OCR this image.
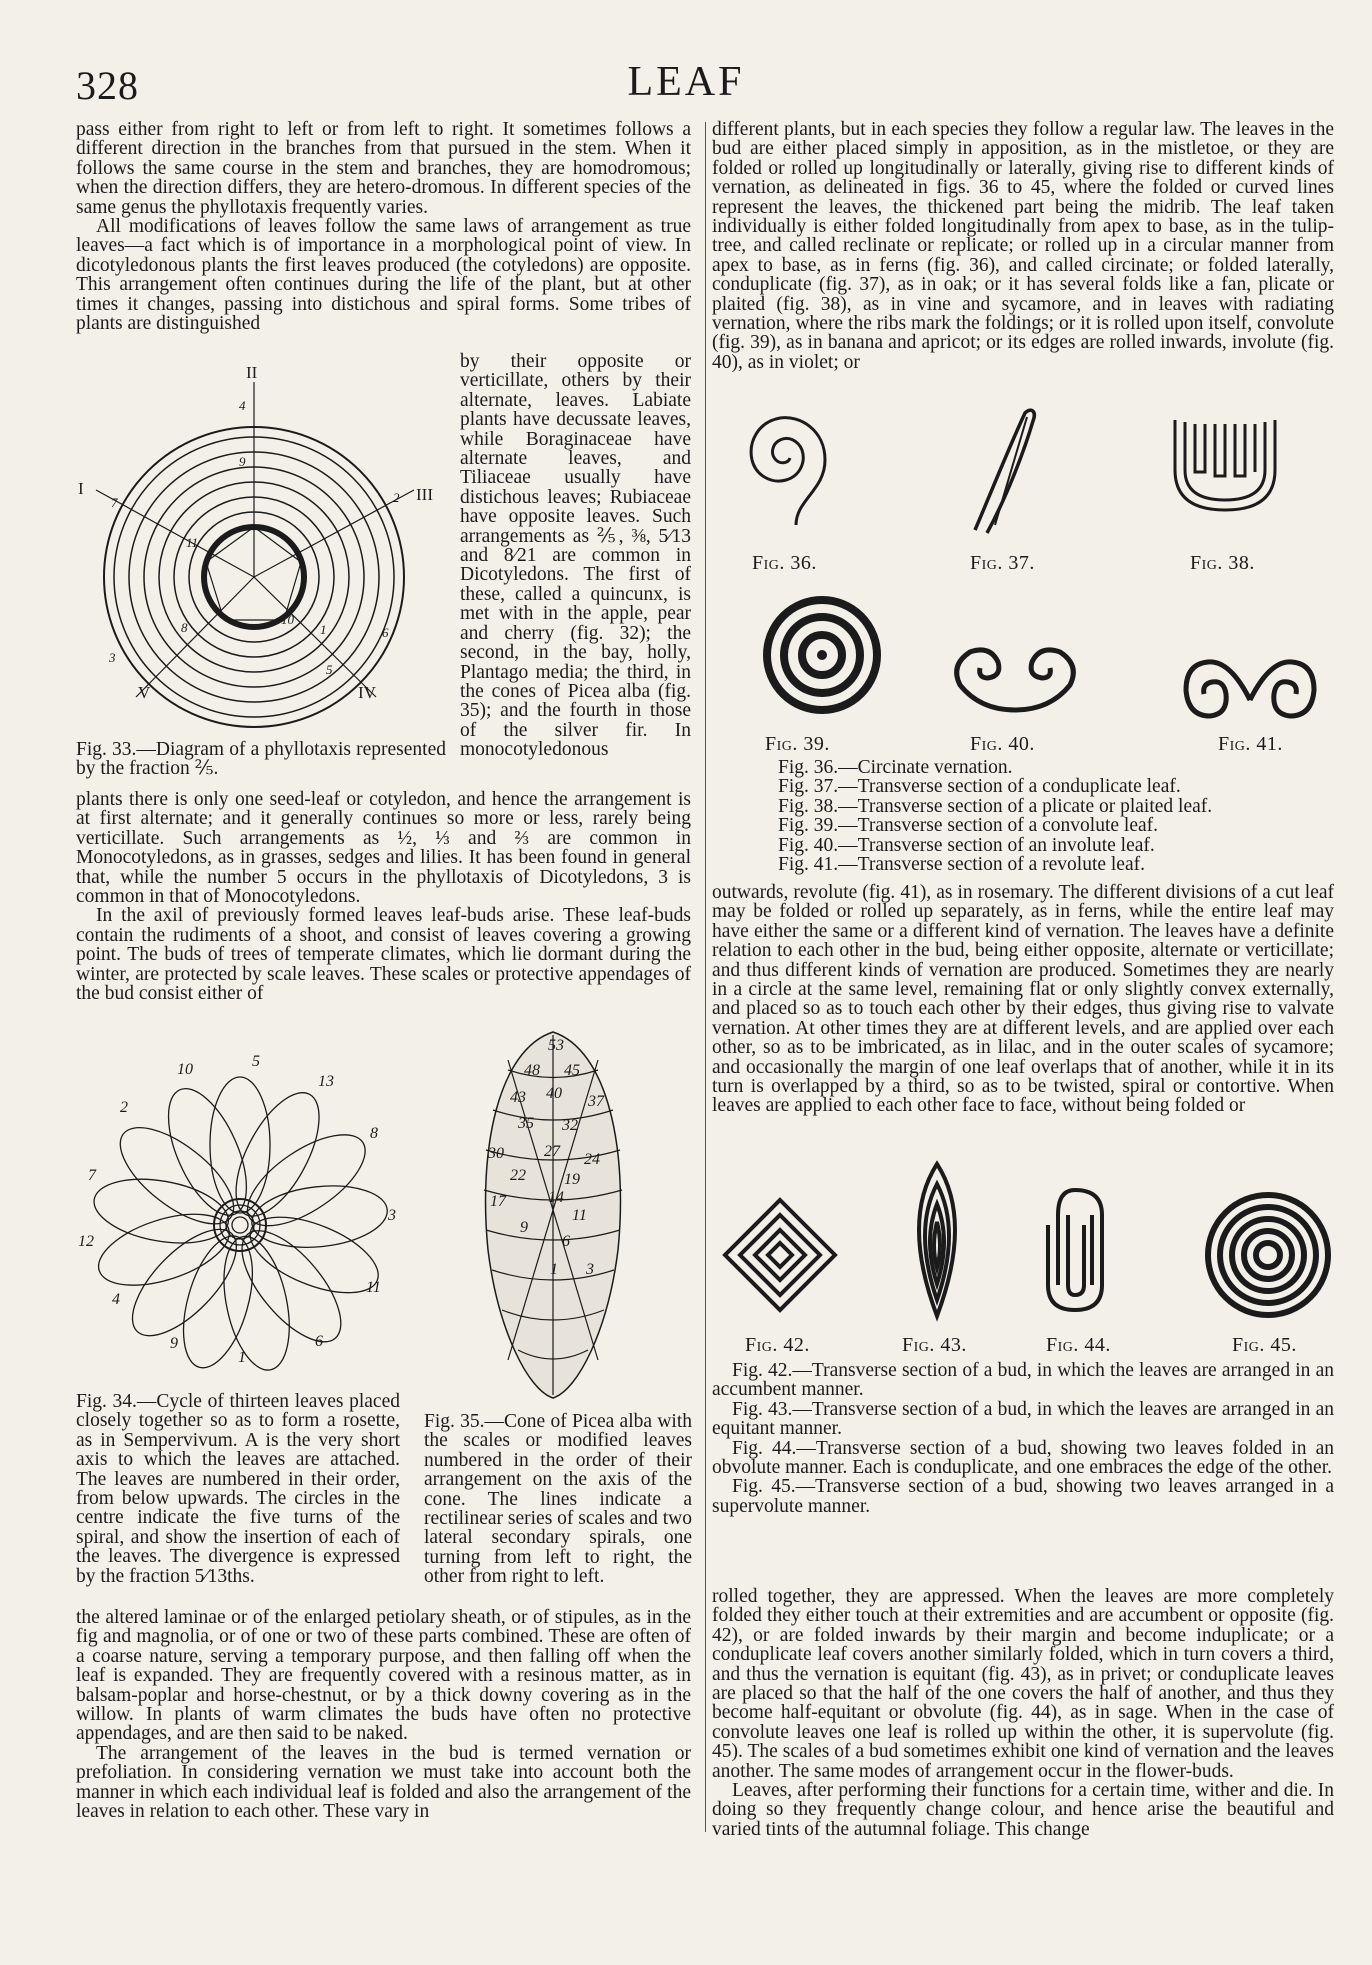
328	LEAF

pass either from right to left or from left to right. It sometimes follows a different direction in the branches from that pursued in the stem. When it follows the same course in the stem and branches, they are homodromous; when the direction differs, they are hetero-dromous. In different species of the same genus the phyllotaxis frequently varies.

All modifications of leaves follow the same laws of arrangement as true leaves—a fact which is of importance in a morphological point of view. In dicotyledonous plants the first leaves produced (the cotyledons) are opposite. This arrangement often continues during the life of the plant, but at other times it changes, passing into distichous and spiral forms. Some tribes of plants are distinguished

II
I	III
IV
V
4
9
2
7
11
6
1
10
3
8
5
by their opposite or verticillate, others by their alternate, leaves. Labiate plants have decussate leaves, while Boraginaceae have alternate leaves, and Tiliaceae usually have distichous leaves; Rubiaceae have opposite leaves. Such arrangements as ⅖, ⅜, 5⁄13 and 8⁄21 are common in Dicotyledons. The first of these, called a quincunx, is met with in the apple, pear and cherry (fig. 32); the second, in the bay, holly, Plantago media; the third, in the cones of Picea alba (fig. 35); and the fourth in those of the silver fir. In monocotyledonous
Fig. 33.—Diagram of a phyllotaxis represented by the fraction ⅖.

plants there is only one seed-leaf or cotyledon, and hence the arrangement is at first alternate; and it generally continues so more or less, rarely being verticillate. Such arrangements as ½, ⅓ and ⅔ are common in Monocotyledons, as in grasses, sedges and lilies. It has been found in general that, while the number 5 occurs in the phyllotaxis of Dicotyledons, 3 is common in that of Monocotyledons.

In the axil of previously formed leaves leaf-buds arise. These leaf-buds contain the rudiments of a shoot, and consist of leaves covering a growing point. The buds of trees of temperate climates, which lie dormant during the winter, are protected by scale leaves. These scales or protective appendages of the bud consist either of

10	5
13
2
8
7
3
12
11
4
9	6
1
53
48 45
40
43	37
35 32
30	27 24
22 19
17	14
11
9
6
1 3
Fig. 34.—Cycle of thirteen leaves placed closely together so as to form a rosette, as in Sempervivum. A is the very short axis to which the leaves are attached. The leaves are numbered in their order, from below upwards. The circles in the centre indicate the five turns of the spiral, and show the insertion of each of the leaves. The divergence is expressed by the fraction 5⁄13ths.
Fig. 35.—Cone of Picea alba with the scales or modified leaves numbered in the order of their arrangement on the axis of the cone. The lines indicate a rectilinear series of scales and two lateral secondary spirals, one turning from left to right, the other from right to left.

the altered laminae or of the enlarged petiolary sheath, or of stipules, as in the fig and magnolia, or of one or two of these parts combined. These are often of a coarse nature, serving a temporary purpose, and then falling off when the leaf is expanded. They are frequently covered with a resinous matter, as in balsam-poplar and horse-chestnut, or by a thick downy covering as in the willow. In plants of warm climates the buds have often no protective appendages, and are then said to be naked.

The arrangement of the leaves in the bud is termed vernation or prefoliation. In considering vernation we must take into account both the manner in which each individual leaf is folded and also the arrangement of the leaves in relation to each other. These vary in

different plants, but in each species they follow a regular law. The leaves in the bud are either placed simply in apposition, as in the mistletoe, or they are folded or rolled up longitudinally or laterally, giving rise to different kinds of vernation, as delineated in figs. 36 to 45, where the folded or curved lines represent the leaves, the thickened part being the midrib. The leaf taken individually is either folded longitudinally from apex to base, as in the tulip-tree, and called reclinate or replicate; or rolled up in a circular manner from apex to base, as in ferns (fig. 36), and called circinate; or folded laterally, conduplicate (fig. 37), as in oak; or it has several folds like a fan, plicate or plaited (fig. 38), as in vine and sycamore, and in leaves with radiating vernation, where the ribs mark the foldings; or it is rolled upon itself, convolute (fig. 39), as in banana and apricot; or its edges are rolled inwards, involute (fig. 40), as in violet; or

Fig. 36.	Fig. 37.	Fig. 38.
Fig. 39.	Fig. 40.	Fig. 41.
Fig. 36.—Circinate vernation.
Fig. 37.—Transverse section of a conduplicate leaf.
Fig. 38.—Transverse section of a plicate or plaited leaf.
Fig. 39.—Transverse section of a convolute leaf.
Fig. 40.—Transverse section of an involute leaf.
Fig. 41.—Transverse section of a revolute leaf.

outwards, revolute (fig. 41), as in rosemary. The different divisions of a cut leaf may be folded or rolled up separately, as in ferns, while the entire leaf may have either the same or a different kind of vernation. The leaves have a definite relation to each other in the bud, being either opposite, alternate or verticillate; and thus different kinds of vernation are produced. Sometimes they are nearly in a circle at the same level, remaining flat or only slightly convex externally, and placed so as to touch each other by their edges, thus giving rise to valvate vernation. At other times they are at different levels, and are applied over each other, so as to be imbricated, as in lilac, and in the outer scales of sycamore; and occasionally the margin of one leaf overlaps that of another, while it in its turn is overlapped by a third, so as to be twisted, spiral or contortive. When leaves are applied to each other face to face, without being folded or

Fig. 42.	Fig. 43.	Fig. 44.	Fig. 45.

Fig. 42.—Transverse section of a bud, in which the leaves are arranged in an accumbent manner.

Fig. 43.—Transverse section of a bud, in which the leaves are arranged in an equitant manner.

Fig. 44.—Transverse section of a bud, showing two leaves folded in an obvolute manner. Each is conduplicate, and one embraces the edge of the other.

Fig. 45.—Transverse section of a bud, showing two leaves arranged in a supervolute manner.

rolled together, they are appressed. When the leaves are more completely folded they either touch at their extremities and are accumbent or opposite (fig. 42), or are folded inwards by their margin and become induplicate; or a conduplicate leaf covers another similarly folded, which in turn covers a third, and thus the vernation is equitant (fig. 43), as in privet; or conduplicate leaves are placed so that the half of the one covers the half of another, and thus they become half-equitant or obvolute (fig. 44), as in sage. When in the case of convolute leaves one leaf is rolled up within the other, it is supervolute (fig. 45). The scales of a bud sometimes exhibit one kind of vernation and the leaves another. The same modes of arrangement occur in the flower-buds.

Leaves, after performing their functions for a certain time, wither and die. In doing so they frequently change colour, and hence arise the beautiful and varied tints of the autumnal foliage. This change
